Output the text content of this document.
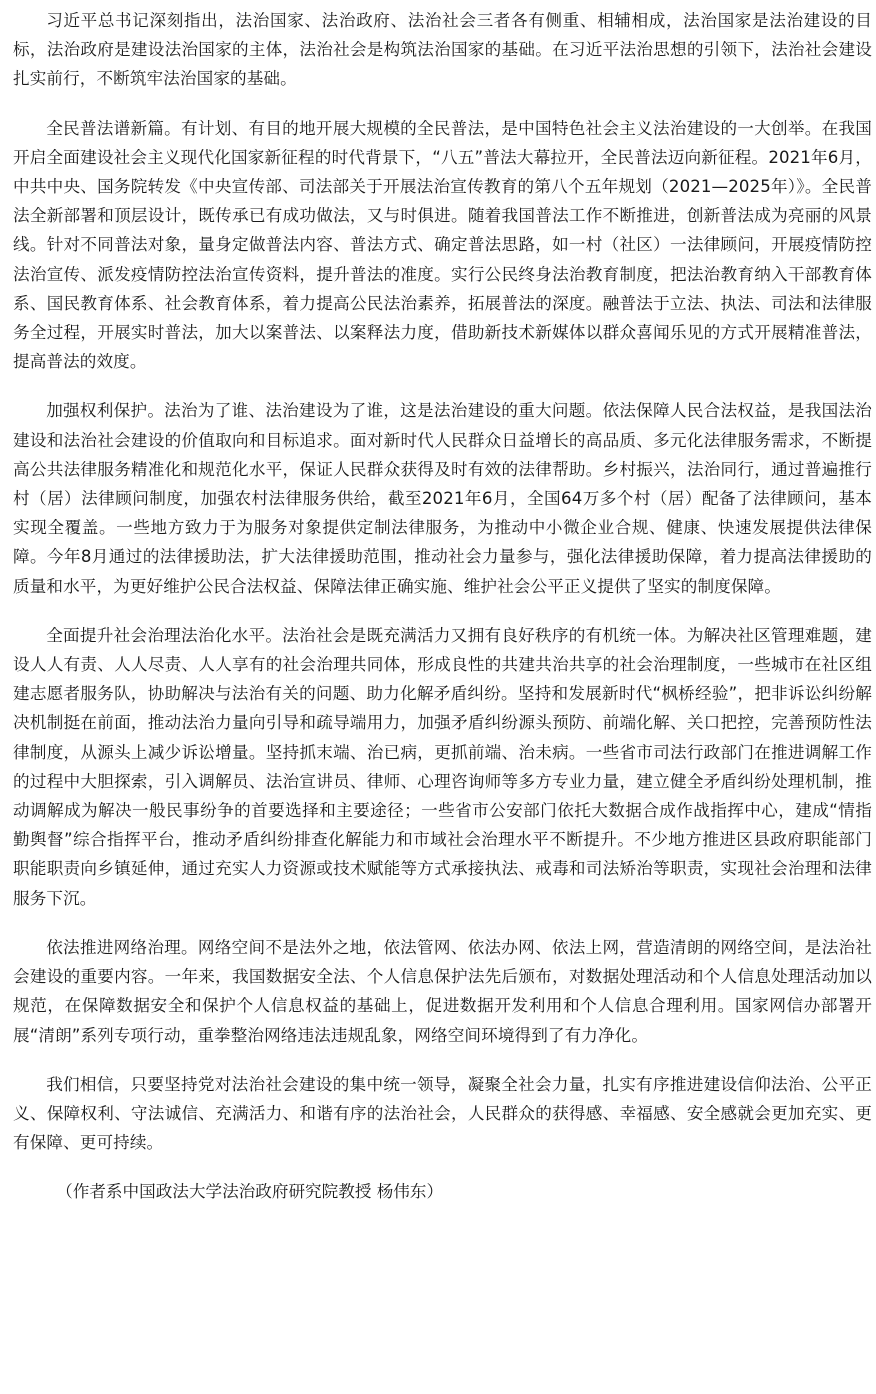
习近平总书记深刻指出，法治国家、法治政府、法治社会三者各有侧重、相辅相成，法治国家是法治建设的目标，法治政府是建设法治国家的主体，法治社会是构筑法治国家的基础。在习近平法治思想的引领下，法治社会建设扎实前行，不断筑牢法治国家的基础。

全民普法谱新篇。有计划、有目的地开展大规模的全民普法，是中国特色社会主义法治建设的一大创举。在我国开启全面建设社会主义现代化国家新征程的时代背景下，“八五”普法大幕拉开，全民普法迈向新征程。2021年6月，中共中央、国务院转发《中央宣传部、司法部关于开展法治宣传教育的第八个五年规划（2021—2025年）》。全民普法全新部署和顶层设计，既传承已有成功做法，又与时俱进。随着我国普法工作不断推进，创新普法成为亮丽的风景线。针对不同普法对象，量身定做普法内容、普法方式、确定普法思路，如一村（社区）一法律顾问，开展疫情防控法治宣传、派发疫情防控法治宣传资料，提升普法的准度。实行公民终身法治教育制度，把法治教育纳入干部教育体系、国民教育体系、社会教育体系，着力提高公民法治素养，拓展普法的深度。融普法于立法、执法、司法和法律服务全过程，开展实时普法，加大以案普法、以案释法力度，借助新技术新媒体以群众喜闻乐见的方式开展精准普法，提高普法的效度。

加强权利保护。法治为了谁、法治建设为了谁，这是法治建设的重大问题。依法保障人民合法权益，是我国法治建设和法治社会建设的价值取向和目标追求。面对新时代人民群众日益增长的高品质、多元化法律服务需求，不断提高公共法律服务精准化和规范化水平，保证人民群众获得及时有效的法律帮助。乡村振兴，法治同行，通过普遍推行村（居）法律顾问制度，加强农村法律服务供给，截至2021年6月，全国64万多个村（居）配备了法律顾问，基本实现全覆盖。一些地方致力于为服务对象提供定制法律服务，为推动中小微企业合规、健康、快速发展提供法律保障。今年8月通过的法律援助法，扩大法律援助范围，推动社会力量参与，强化法律援助保障，着力提高法律援助的质量和水平，为更好维护公民合法权益、保障法律正确实施、维护社会公平正义提供了坚实的制度保障。

全面提升社会治理法治化水平。法治社会是既充满活力又拥有良好秩序的有机统一体。为解决社区管理难题，建设人人有责、人人尽责、人人享有的社会治理共同体，形成良性的共建共治共享的社会治理制度，一些城市在社区组建志愿者服务队，协助解决与法治有关的问题、助力化解矛盾纠纷。坚持和发展新时代“枫桥经验”，把非诉讼纠纷解决机制挺在前面，推动法治力量向引导和疏导端用力，加强矛盾纠纷源头预防、前端化解、关口把控，完善预防性法律制度，从源头上减少诉讼增量。坚持抓末端、治已病，更抓前端、治未病。一些省市司法行政部门在推进调解工作的过程中大胆探索，引入调解员、法治宣讲员、律师、心理咨询师等多方专业力量，建立健全矛盾纠纷处理机制，推动调解成为解决一般民事纷争的首要选择和主要途径；一些省市公安部门依托大数据合成作战指挥中心，建成“情指勤舆督”综合指挥平台，推动矛盾纠纷排查化解能力和市域社会治理水平不断提升。不少地方推进区县政府职能部门职能职责向乡镇延伸，通过充实人力资源或技术赋能等方式承接执法、戒毒和司法矫治等职责，实现社会治理和法律服务下沉。

依法推进网络治理。网络空间不是法外之地，依法管网、依法办网、依法上网，营造清朗的网络空间，是法治社会建设的重要内容。一年来，我国数据安全法、个人信息保护法先后颁布，对数据处理活动和个人信息处理活动加以规范，在保障数据安全和保护个人信息权益的基础上，促进数据开发利用和个人信息合理利用。国家网信办部署开展“清朗”系列专项行动，重拳整治网络违法违规乱象，网络空间环境得到了有力净化。

我们相信，只要坚持党对法治社会建设的集中统一领导，凝聚全社会力量，扎实有序推进建设信仰法治、公平正义、保障权利、守法诚信、充满活力、和谐有序的法治社会，人民群众的获得感、幸福感、安全感就会更加充实、更有保障、更可持续。

（作者系中国政法大学法治政府研究院教授 杨伟东）
